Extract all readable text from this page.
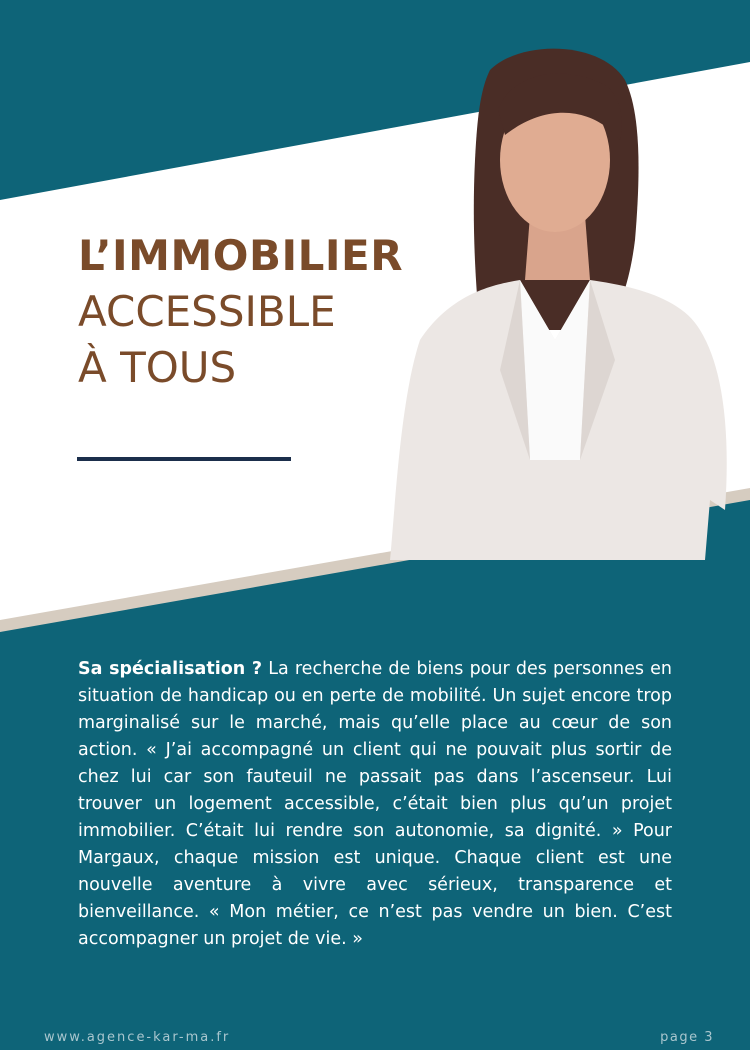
L’IMMOBILIER
ACCESSIBLE
À TOUS
Sa spécialisation ? La recherche de biens pour des personnes en situation de handicap ou en perte de mobilité. Un sujet encore trop marginalisé sur le marché, mais qu’elle place au cœur de son action. « J’ai accompagné un client qui ne pouvait plus sortir de chez lui car son fauteuil ne passait pas dans l’ascenseur. Lui trouver un logement accessible, c’était bien plus qu’un projet immobilier. C’était lui rendre son autonomie, sa dignité. » Pour Margaux, chaque mission est unique. Chaque client est une nouvelle aventure à vivre avec sérieux, transparence et bienveillance. « Mon métier, ce n’est pas vendre un bien. C’est accompagner un projet de vie. »
www.agence-kar-ma.fr	page 3
